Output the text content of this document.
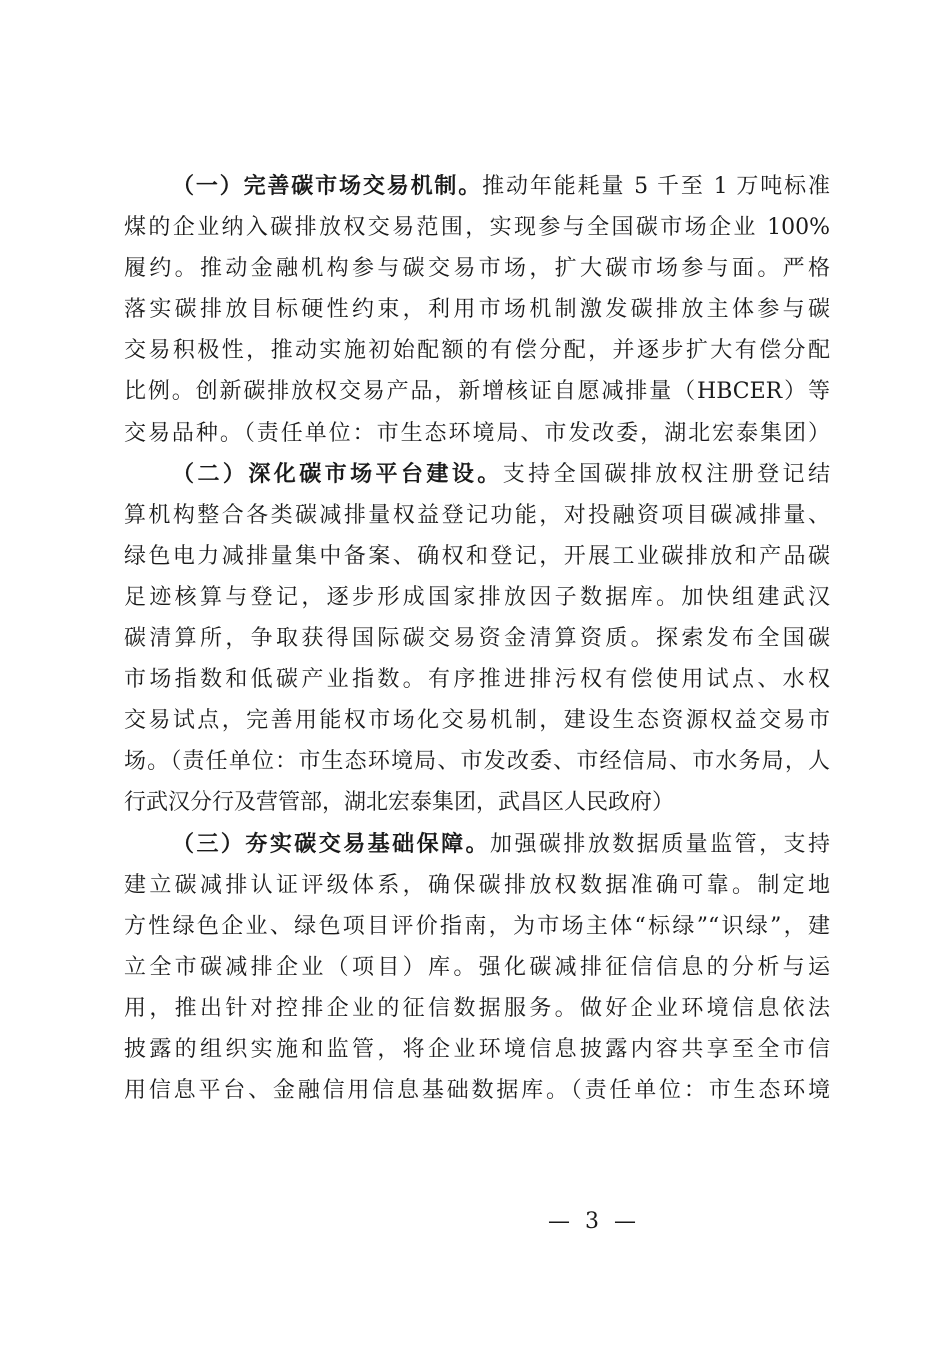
（一）完善碳市场交易机制。推动年能耗量 5 千至 1 万吨标准
煤的企业纳入碳排放权交易范围，实现参与全国碳市场企业 100%
履约。推动金融机构参与碳交易市场，扩大碳市场参与面。严格
落实碳排放目标硬性约束，利用市场机制激发碳排放主体参与碳
交易积极性，推动实施初始配额的有偿分配，并逐步扩大有偿分配
比例。创新碳排放权交易产品，新增核证自愿减排量（HBCER）等
交易品种。（责任单位：市生态环境局、市发改委，湖北宏泰集团）
（二）深化碳市场平台建设。支持全国碳排放权注册登记结
算机构整合各类碳减排量权益登记功能，对投融资项目碳减排量、
绿色电力减排量集中备案、确权和登记，开展工业碳排放和产品碳
足迹核算与登记，逐步形成国家排放因子数据库。加快组建武汉
碳清算所，争取获得国际碳交易资金清算资质。探索发布全国碳
市场指数和低碳产业指数。有序推进排污权有偿使用试点、水权
交易试点，完善用能权市场化交易机制，建设生态资源权益交易市
场。（责任单位：市生态环境局、市发改委、市经信局、市水务局，人
行武汉分行及营管部，湖北宏泰集团，武昌区人民政府）
（三）夯实碳交易基础保障。加强碳排放数据质量监管，支持
建立碳减排认证评级体系，确保碳排放权数据准确可靠。制定地
方性绿色企业、绿色项目评价指南，为市场主体“标绿”“识绿”，建
立全市碳减排企业（项目）库。强化碳减排征信信息的分析与运
用，推出针对控排企业的征信数据服务。做好企业环境信息依法
披露的组织实施和监管，将企业环境信息披露内容共享至全市信
用信息平台、金融信用信息基础数据库。（责任单位：市生态环境
— 3 —
